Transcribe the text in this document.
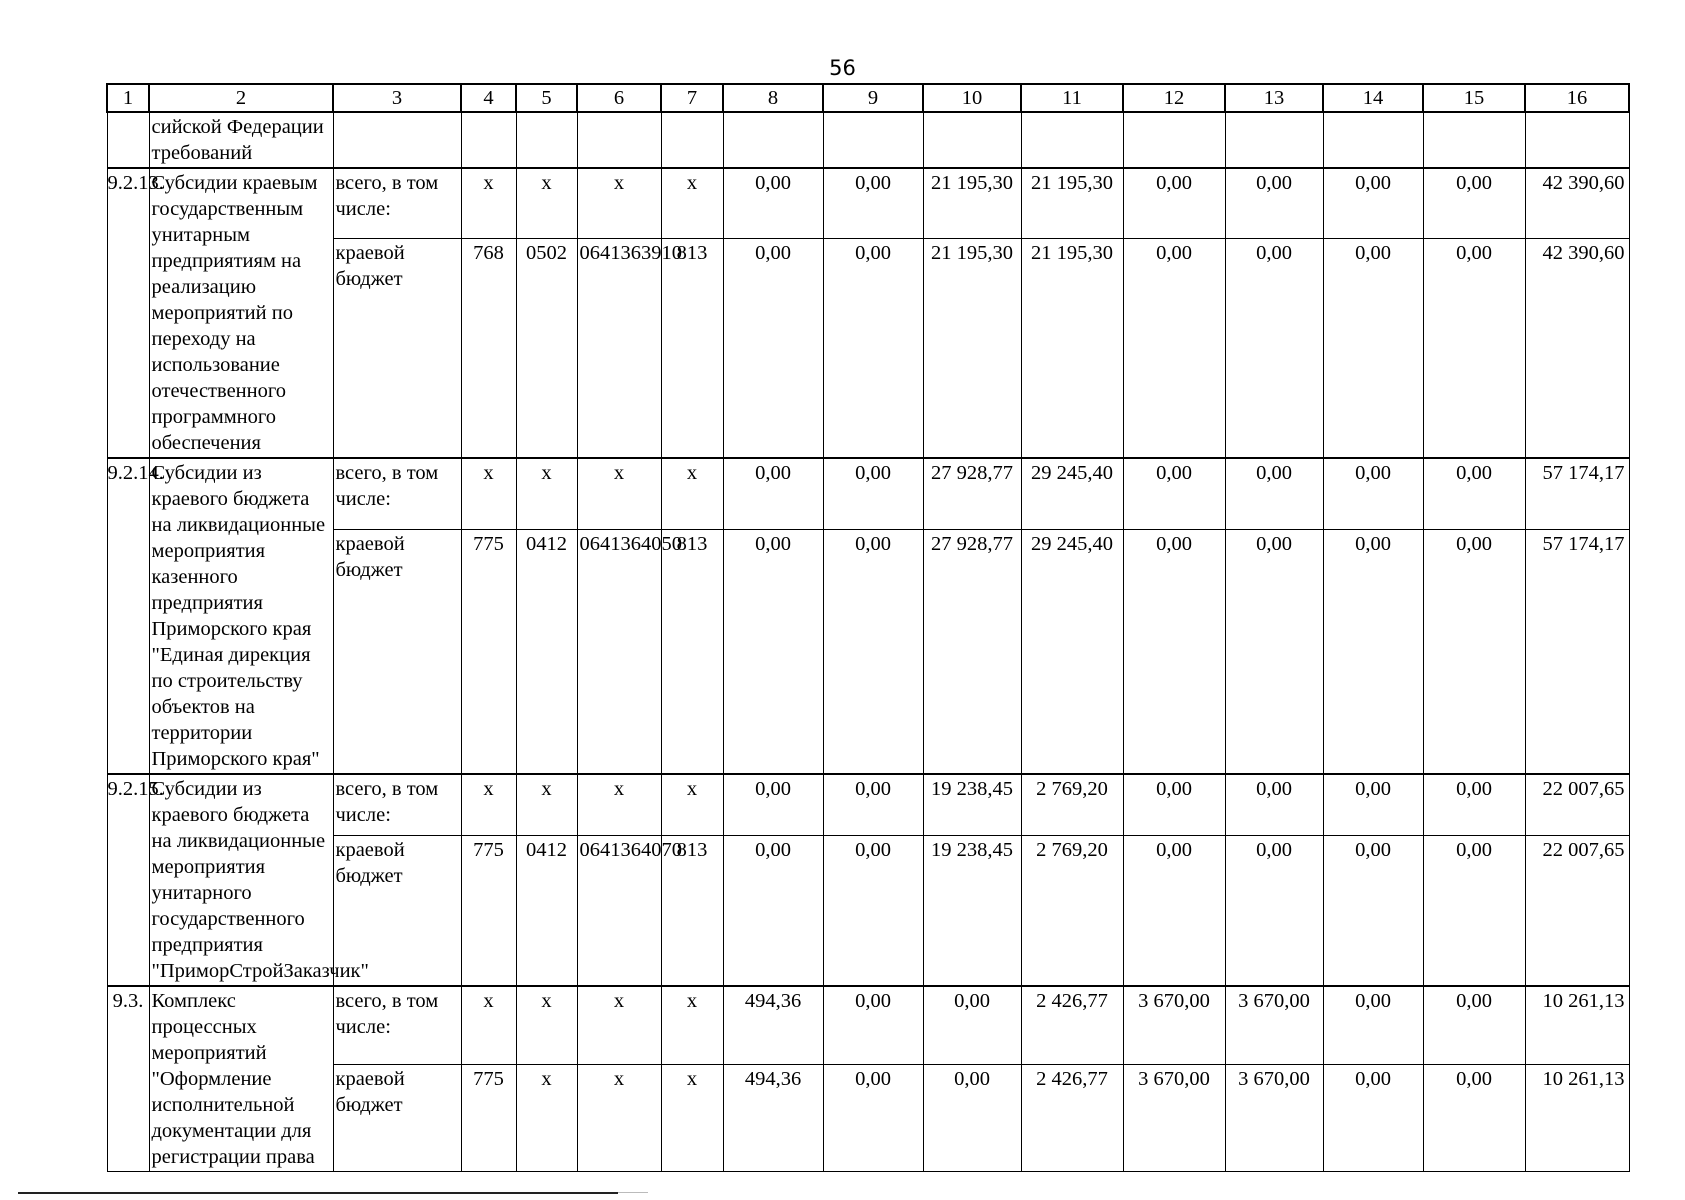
56
1	2	3	4	5	6	7	8	9	10	11	12	13	14	15	16
	сийской Федерации требований														
9.2.13.	Субсидии краевым государственным унитарным предприятиям на реализацию мероприятий по переходу на использование отечественного программного обеспечения	всего, в том числе:	x	x	x	x	0,00	0,00	21 195,30	21 195,30	0,00	0,00	0,00	0,00	42 390,60
		краевой бюджет	768	0502	0641363910	813	0,00	0,00	21 195,30	21 195,30	0,00	0,00	0,00	0,00	42 390,60
9.2.14.	Субсидии из краевого бюджета на ликвидационные мероприятия казенного предприятия Приморского края "Единая дирекция по строительству объектов на территории Приморского края"	всего, в том числе:	x	x	x	x	0,00	0,00	27 928,77	29 245,40	0,00	0,00	0,00	0,00	57 174,17
		краевой бюджет	775	0412	0641364050	813	0,00	0,00	27 928,77	29 245,40	0,00	0,00	0,00	0,00	57 174,17
9.2.15.	Субсидии из краевого бюджета на ликвидационные мероприятия унитарного государственного предприятия "ПриморСтройЗаказчик"	всего, в том числе:	x	x	x	x	0,00	0,00	19 238,45	2 769,20	0,00	0,00	0,00	0,00	22 007,65
		краевой бюджет	775	0412	0641364070	813	0,00	0,00	19 238,45	2 769,20	0,00	0,00	0,00	0,00	22 007,65
9.3.	Комплекс процессных мероприятий "Оформление исполнительной документации для регистрации права	всего, в том числе:	x	x	x	x	494,36	0,00	0,00	2 426,77	3 670,00	3 670,00	0,00	0,00	10 261,13
		краевой бюджет	775	x	x	x	494,36	0,00	0,00	2 426,77	3 670,00	3 670,00	0,00	0,00	10 261,13
